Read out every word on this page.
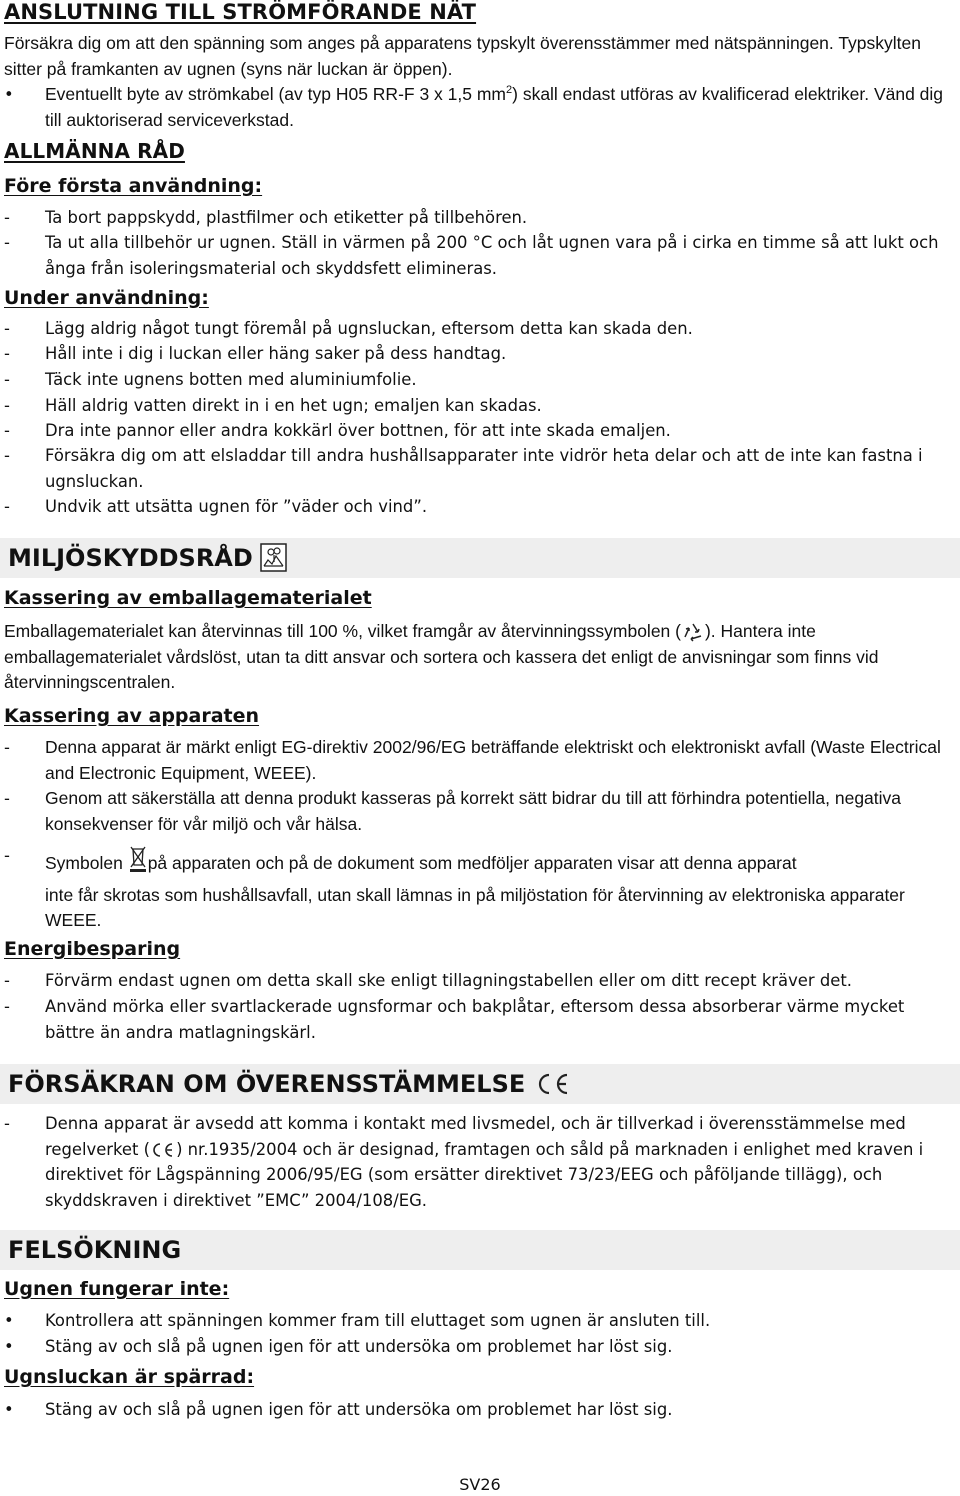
ANSLUTNING TILL STRÖMFÖRANDE NÄT

Försäkra dig om att den spänning som anges på apparatens typskylt överensstämmer med nätspänningen. Typskylten sitter på framkanten av ugnen (syns när luckan är öppen).

•	Eventuellt byte av strömkabel (av typ H05 RR-F 3 x 1,5 $mm^2$) skall endast utföras av kvalificerad elektriker. Vänd dig till auktoriserad serviceverkstad.
ALLMÄNNA RÅD
Före första användning:
-	Ta bort pappskydd, plastfilmer och etiketter på tillbehören.
-	Ta ut alla tillbehör ur ugnen. Ställ in värmen på 200 °C och låt ugnen vara på i cirka en timme så att lukt och ånga från isoleringsmaterial och skyddsfett elimineras.
Under användning:
-	Lägg aldrig något tungt föremål på ugnsluckan, eftersom detta kan skada den.
-	Håll inte i dig i luckan eller häng saker på dess handtag.
-	Täck inte ugnens botten med aluminiumfolie.
-	Häll aldrig vatten direkt in i en het ugn; emaljen kan skadas.
-	Dra inte pannor eller andra kokkärl över bottnen, för att inte skada emaljen.
-	Försäkra dig om att elsladdar till andra hushållsapparater inte vidrör heta delar och att de inte kan fastna i ugnsluckan.
-	Undvik att utsätta ugnen för ”väder och vind”.
MILJÖSKYDDSRÅD
Kassering av emballagematerialet

Emballagematerialet kan återvinnas till 100 %, vilket framgår av återvinningssymbolen ( ). Hantera inte emballagematerialet vårdslöst, utan ta ditt ansvar och sortera och kassera det enligt de anvisningar som finns vid återvinningscentralen.

Kassering av apparaten
-	Denna apparat är märkt enligt EG-direktiv 2002/96/EG beträffande elektriskt och elektroniskt avfall (Waste Electrical and Electronic Equipment, WEEE).
-	Genom att säkerställa att denna produkt kasseras på korrekt sätt bidrar du till att förhindra potentiella, negativa konsekvenser för vår miljö och vår hälsa.
-	Symbolen på apparaten och på de dokument som medföljer apparaten visar att denna apparat
inte får skrotas som hushållsavfall, utan skall lämnas in på miljöstation för återvinning av elektroniska apparater WEEE.
Energibesparing
-	Förvärm endast ugnen om detta skall ske enligt tillagningstabellen eller om ditt recept kräver det.
-	Använd mörka eller svartlackerade ugnsformar och bakplåtar, eftersom dessa absorberar värme mycket bättre än andra matlagningskärl.
FÖRSÄKRAN OM ÖVERENSSTÄMMELSE
-	Denna apparat är avsedd att komma i kontakt med livsmedel, och är tillverkad i överensstämmelse med regelverket ( ) nr.1935/2004 och är designad, framtagen och såld på marknaden i enlighet med kraven i direktivet för Lågspänning 2006/95/EG (som ersätter direktivet 73/23/EEG och påföljande tillägg), och skyddskraven i direktivet ”EMC” 2004/108/EG.
FELSÖKNING
Ugnen fungerar inte:
•	Kontrollera att spänningen kommer fram till eluttaget som ugnen är ansluten till.
•	Stäng av och slå på ugnen igen för att undersöka om problemet har löst sig.
Ugnsluckan är spärrad:
•	Stäng av och slå på ugnen igen för att undersöka om problemet har löst sig.
SV26
